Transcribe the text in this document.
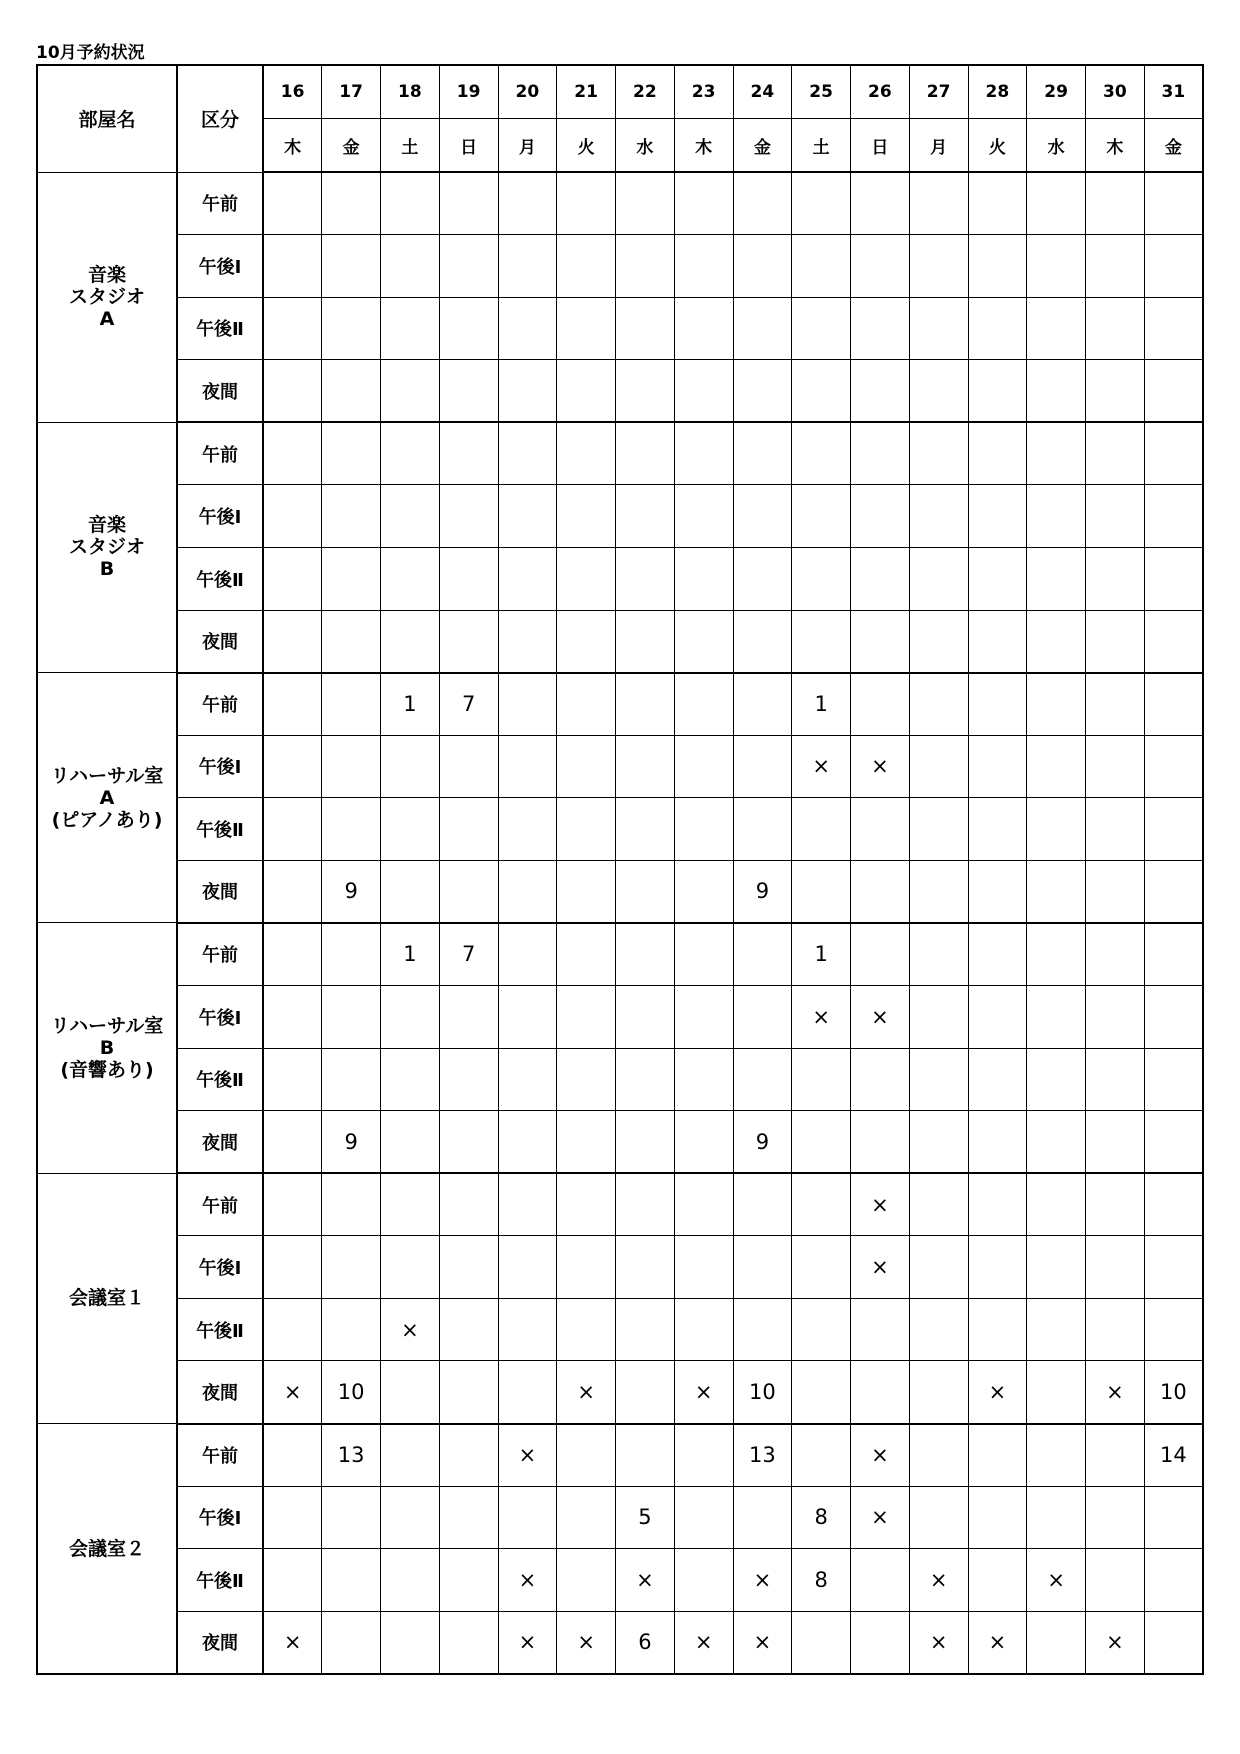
10月予約状況
部屋名	区分	16	17	18	19	20	21	22	23	24	25	26	27	28	29	30	31
		木	金	土	日	月	火	水	木	金	土	日	月	火	水	木	金

音楽
スタジオ
A	午前																
	午後Ⅰ																
	午後Ⅱ																
	夜間																

音楽
スタジオ
B	午前																
	午後Ⅰ																
	午後Ⅱ																
	夜間																

リハーサル室
A
(ピアノあり)	午前			1	7						1						
	午後Ⅰ										×	×					
	午後Ⅱ																
	夜間		9							9							

リハーサル室
B
(音響あり)	午前			1	7						1						
	午後Ⅰ										×	×					
	午後Ⅱ																
	夜間		9							9							

会議室１	午前											×					
	午後Ⅰ											×					
	午後Ⅱ			×													
	夜間	×	10				×		×	10				×		×	10

会議室２	午前		13			×				13		×					14
	午後Ⅰ							5			8	×					
	午後Ⅱ					×		×		×	8		×		×		
	夜間	×				×	×	6	×	×			×	×		×	
